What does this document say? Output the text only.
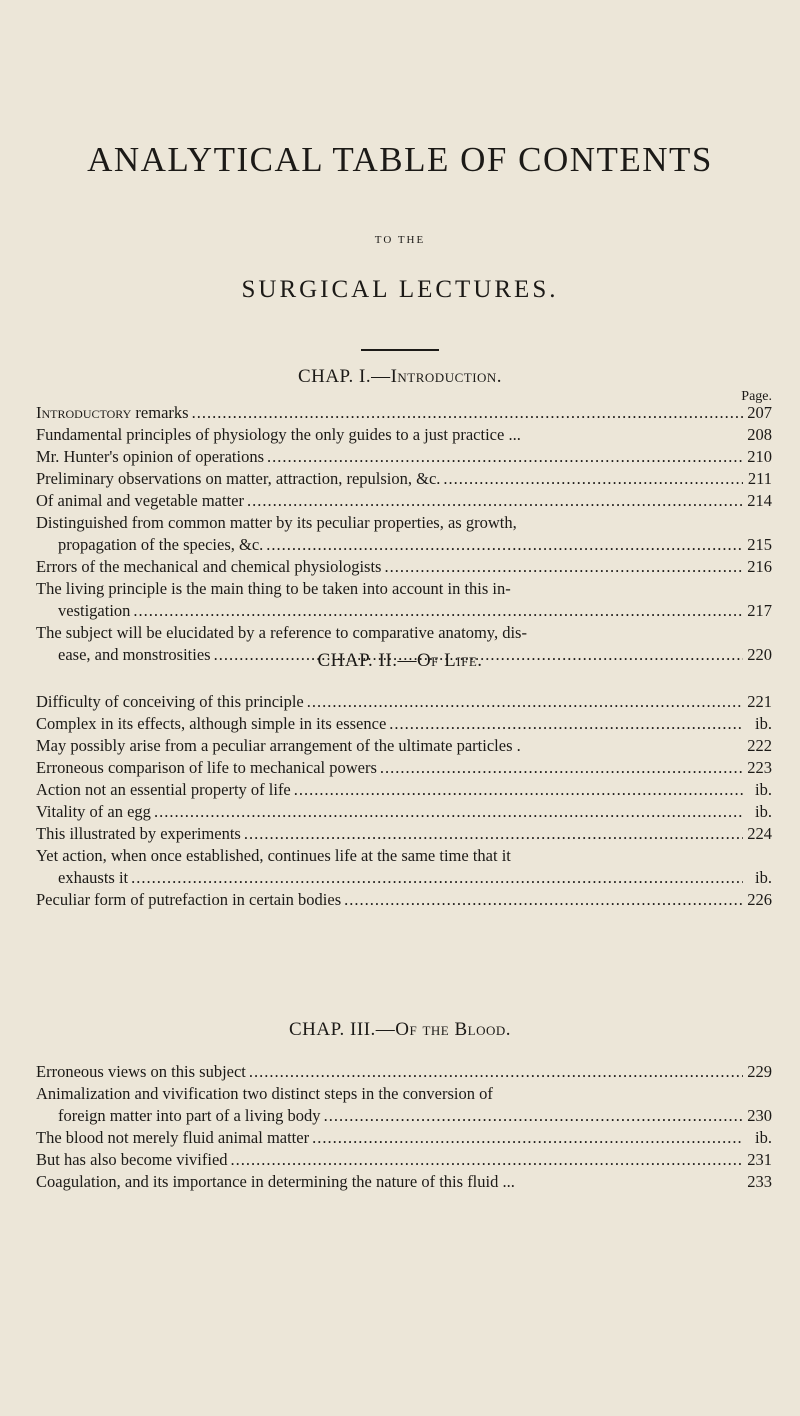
ANALYTICAL TABLE OF CONTENTS
TO THE
SURGICAL LECTURES.
CHAP. I.—Introduction.
Page.
Introductory remarks .....	207
Fundamental principles of physiology the only guides to a just practice ...	208
Mr. Hunter's opinion of operations .....	210
Preliminary observations on matter, attraction, repulsion, &c. .....	211
Of animal and vegetable matter .....	214
Distinguished from common matter by its peculiar properties, as growth,
propagation of the species, &c. .....	215
Errors of the mechanical and chemical physiologists .....	216
The living principle is the main thing to be taken into account in this in-
vestigation .....	217
The subject will be elucidated by a reference to comparative anatomy, dis-
ease, and monstrosities .....	220
CHAP. II.—Of Life.
Difficulty of conceiving of this principle .....	221
Complex in its effects, although simple in its essence .....	ib.
May possibly arise from a peculiar arrangement of the ultimate particles .	222
Erroneous comparison of life to mechanical powers .....	223
Action not an essential property of life .....	ib.
Vitality of an egg .....	ib.
This illustrated by experiments .....	224
Yet action, when once established, continues life at the same time that it
exhausts it .....	ib.
Peculiar form of putrefaction in certain bodies .....	226
CHAP. III.—Of the Blood.
Erroneous views on this subject .....	229
Animalization and vivification two distinct steps in the conversion of
foreign matter into part of a living body .....	230
The blood not merely fluid animal matter .....	ib.
But has also become vivified .....	231
Coagulation, and its importance in determining the nature of this fluid ...	233
